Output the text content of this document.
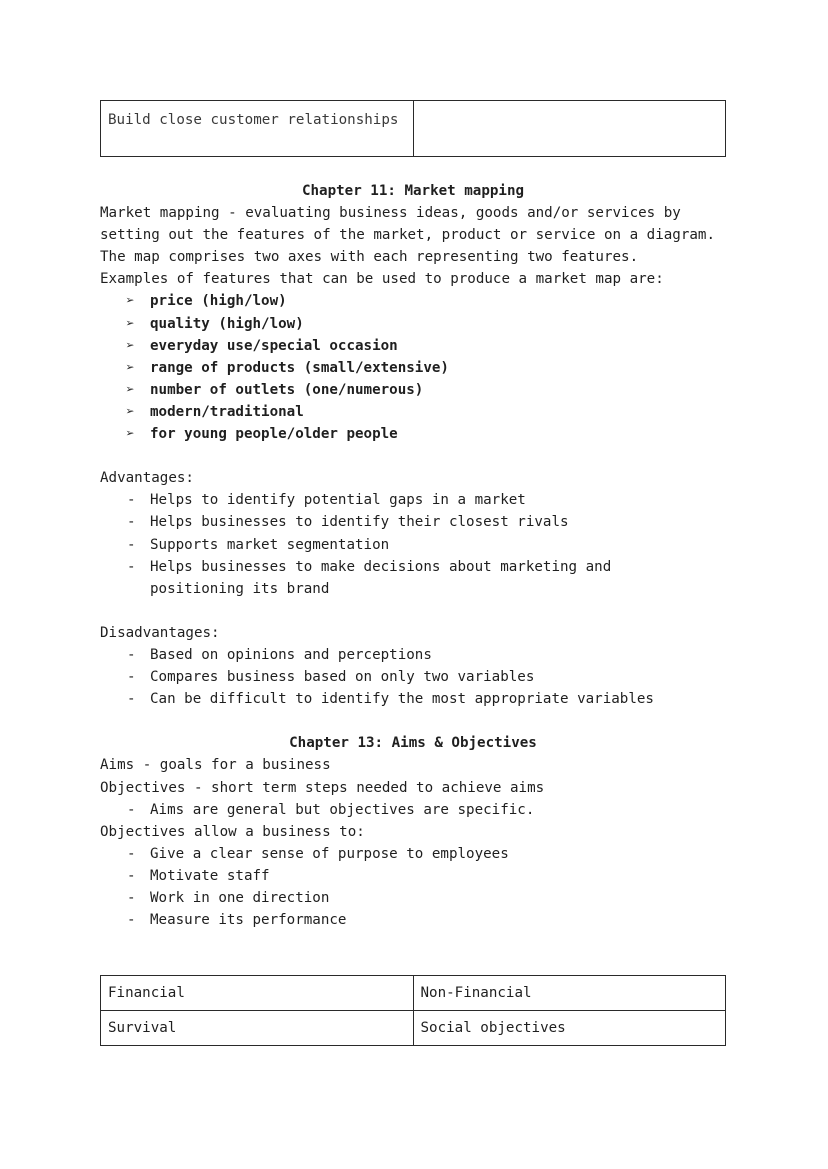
Build close customer relationships	
Chapter 11: Market mapping

Market mapping - evaluating business ideas, goods and/or services by setting out the features of the market, product or service on a diagram. The map comprises two axes with each representing two features.

Examples of features that can be used to produce a market map are:

➢ price (high/low)
➢ quality (high/low)
➢ everyday use/special occasion
➢ range of products (small/extensive)
➢ number of outlets (one/numerous)
➢ modern/traditional
➢ for young people/older people

Advantages:

- Helps to identify potential gaps in a market
- Helps businesses to identify their closest rivals
- Supports market segmentation
- Helps businesses to make decisions about marketing and positioning its brand

Disadvantages:

- Based on opinions and perceptions
- Compares business based on only two variables
- Can be difficult to identify the most appropriate variables
Chapter 13: Aims & Objectives

Aims - goals for a business

Objectives - short term steps needed to achieve aims

- Aims are general but objectives are specific.

Objectives allow a business to:

- Give a clear sense of purpose to employees
- Motivate staff
- Work in one direction
- Measure its performance
Financial	Non-Financial
Survival	Social objectives
